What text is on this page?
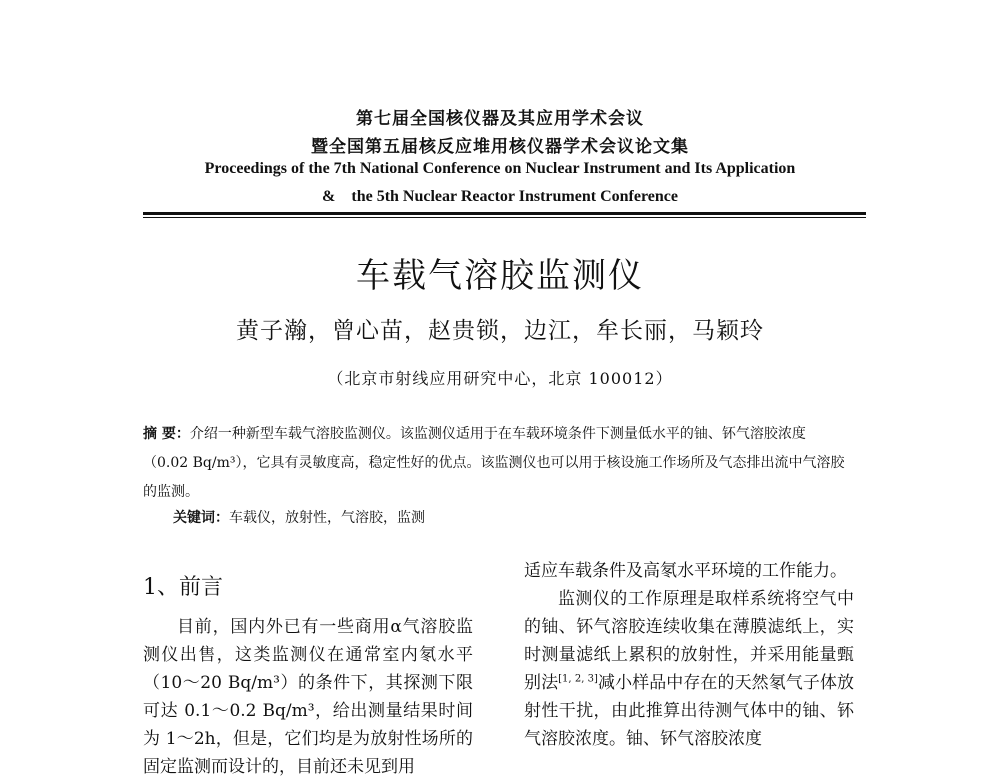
第七届全国核仪器及其应用学术会议
暨全国第五届核反应堆用核仪器学术会议论文集
Proceedings of the 7th National Conference on Nuclear Instrument and Its Application
&    the 5th Nuclear Reactor Instrument Conference
车载气溶胶监测仪
黄子瀚，曾心苗，赵贵锁，边江，牟长丽，马颖玲
（北京市射线应用研究中心，北京 100012）
摘 要：介绍一种新型车载气溶胶监测仪。该监测仪适用于在车载环境条件下测量低水平的铀、钚气溶胶浓度（0.02 Bq/m³），它具有灵敏度高，稳定性好的优点。该监测仪也可以用于核设施工作场所及气态排出流中气溶胶的监测。
关键词：车载仪，放射性，气溶胶，监测
1、前言
目前，国内外已有一些商用α气溶胶监测仪出售，这类监测仪在通常室内氡水平（10～20 Bq/m³）的条件下，其探测下限可达 0.1～0.2 Bq/m³，给出测量结果时间为 1～2h，但是，它们均是为放射性场所的固定监测而设计的，目前还未见到用
适应车载条件及高氡水平环境的工作能力。
监测仪的工作原理是取样系统将空气中的铀、钚气溶胶连续收集在薄膜滤纸上，实时测量滤纸上累积的放射性，并采用能量甄别法[1, 2, 3]减小样品中存在的天然氡气子体放射性干扰，由此推算出待测气体中的铀、钚气溶胶浓度。铀、钚气溶胶浓度
